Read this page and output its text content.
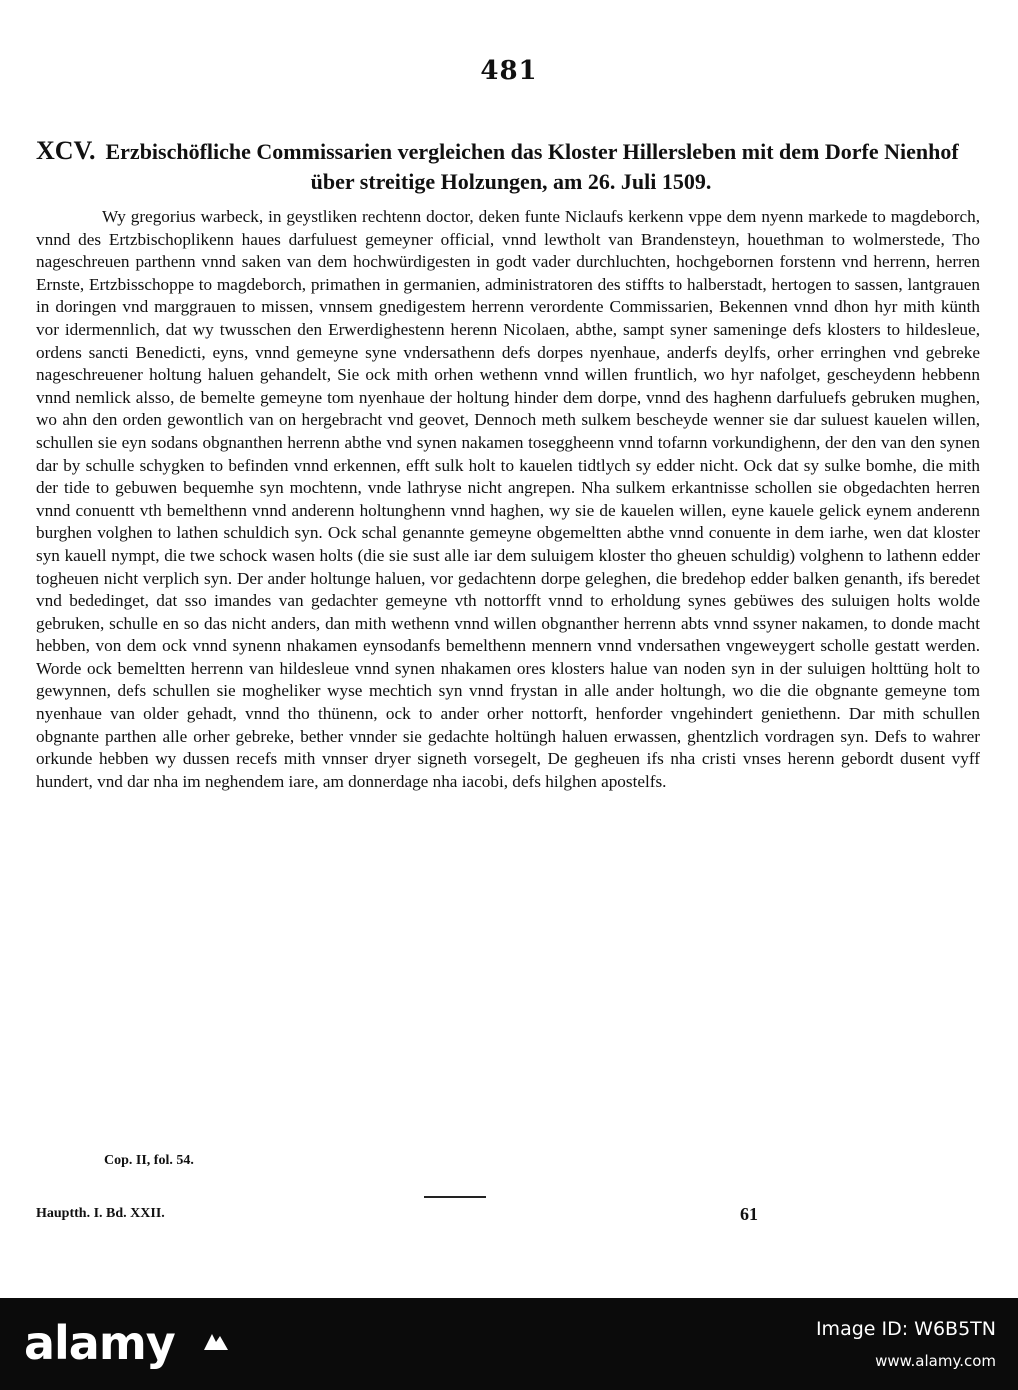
481
XCV. Erzbischöfliche Commissarien vergleichen das Kloster Hillersleben mit dem Dorfe Nienhof
über streitige Holzungen, am 26. Juli 1509.
Wy gregorius warbeck, in geystliken rechtenn doctor, deken funte Niclaufs kerkenn vppe dem nyenn markede to magdeborch, vnnd des Ertzbischoplikenn haues darfuluest gemeyner official, vnnd lewtholt van Brandensteyn, houethman to wolmerstede, Tho nageschreuen parthenn vnnd saken van dem hochwürdigesten in godt vader durchluchten, hochgebornen forstenn vnd herrenn, herren Ernste, Ertzbisschoppe to magdeborch, primathen in germanien, administratoren des stiffts to halberstadt, hertogen to sassen, lantgrauen in doringen vnd marggrauen to missen, vnnsem gnedigestem herrenn verordente Commissarien, Bekennen vnnd dhon hyr mith künth vor idermennlich, dat wy twusschen den Erwerdighestenn herenn Nicolaen, abthe, sampt syner sameninge defs klosters to hildesleue, ordens sancti Benedicti, eyns, vnnd gemeyne syne vndersathenn defs dorpes nyenhaue, anderfs deylfs, orher erringhen vnd gebreke nageschreuener holtung haluen gehandelt, Sie ock mith orhen wethenn vnnd willen fruntlich, wo hyr nafolget, gescheydenn hebbenn vnnd nemlick alsso, de bemelte gemeyne tom nyenhaue der holtung hinder dem dorpe, vnnd des haghenn darfuluefs gebruken mughen, wo ahn den orden gewontlich van on hergebracht vnd geovet, Dennoch meth sulkem bescheyde wenner sie dar suluest kauelen willen, schullen sie eyn sodans obgnanthen herrenn abthe vnd synen nakamen toseggheenn vnnd tofarnn vorkundighenn, der den van den synen dar by schulle schygken to befinden vnnd erkennen, efft sulk holt to kauelen tidtlych sy edder nicht. Ock dat sy sulke bomhe, die mith der tide to gebuwen bequemhe syn mochtenn, vnde lathryse nicht angrepen. Nha sulkem erkantnisse schollen sie obgedachten herren vnnd conuentt vth bemelthenn vnnd anderenn holtunghenn vnnd haghen, wy sie de kauelen willen, eyne kauele gelick eynem anderenn burghen volghen to lathen schuldich syn. Ock schal genannte gemeyne obgemeltten abthe vnnd conuente in dem iarhe, wen dat kloster syn kauell nympt, die twe schock wasen holts (die sie sust alle iar dem suluigem kloster tho gheuen schuldig) volghenn to lathenn edder togheuen nicht verplich syn. Der ander holtunge haluen, vor gedachtenn dorpe geleghen, die bredehop edder balken genanth, ifs beredet vnd bededinget, dat sso imandes van gedachter gemeyne vth nottorfft vnnd to erholdung synes gebüwes des suluigen holts wolde gebruken, schulle en so das nicht anders, dan mith wethenn vnnd willen obgnanther herrenn abts vnnd ssyner nakamen, to donde macht hebben, von dem ock vnnd synenn nhakamen eynsodanfs bemelthenn mennern vnnd vndersathen vngeweygert scholle gestatt werden. Worde ock bemeltten herrenn van hildesleue vnnd synen nhakamen ores klosters halue van noden syn in der suluigen holttüng holt to gewynnen, defs schullen sie mogheliker wyse mechtich syn vnnd frystan in alle ander holtungh, wo die die obgnante gemeyne tom nyenhaue van older gehadt, vnnd tho thünenn, ock to ander orher nottorft, henforder vngehindert geniethenn. Dar mith schullen obgnante parthen alle orher gebreke, bether vnnder sie gedachte holtüngh haluen erwassen, ghentzlich vordragen syn. Defs to wahrer orkunde hebben wy dussen recefs mith vnnser dryer signeth vorsegelt, De gegheuen ifs nha cristi vnses herenn gebordt dusent vyff hundert, vnd dar nha im neghendem iare, am donnerdage nha iacobi, defs hilghen apostelfs.
Cop. II, fol. 54.
Hauptth. I. Bd. XXII.	61
alamy	Image ID: W6B5TN
www.alamy.com
